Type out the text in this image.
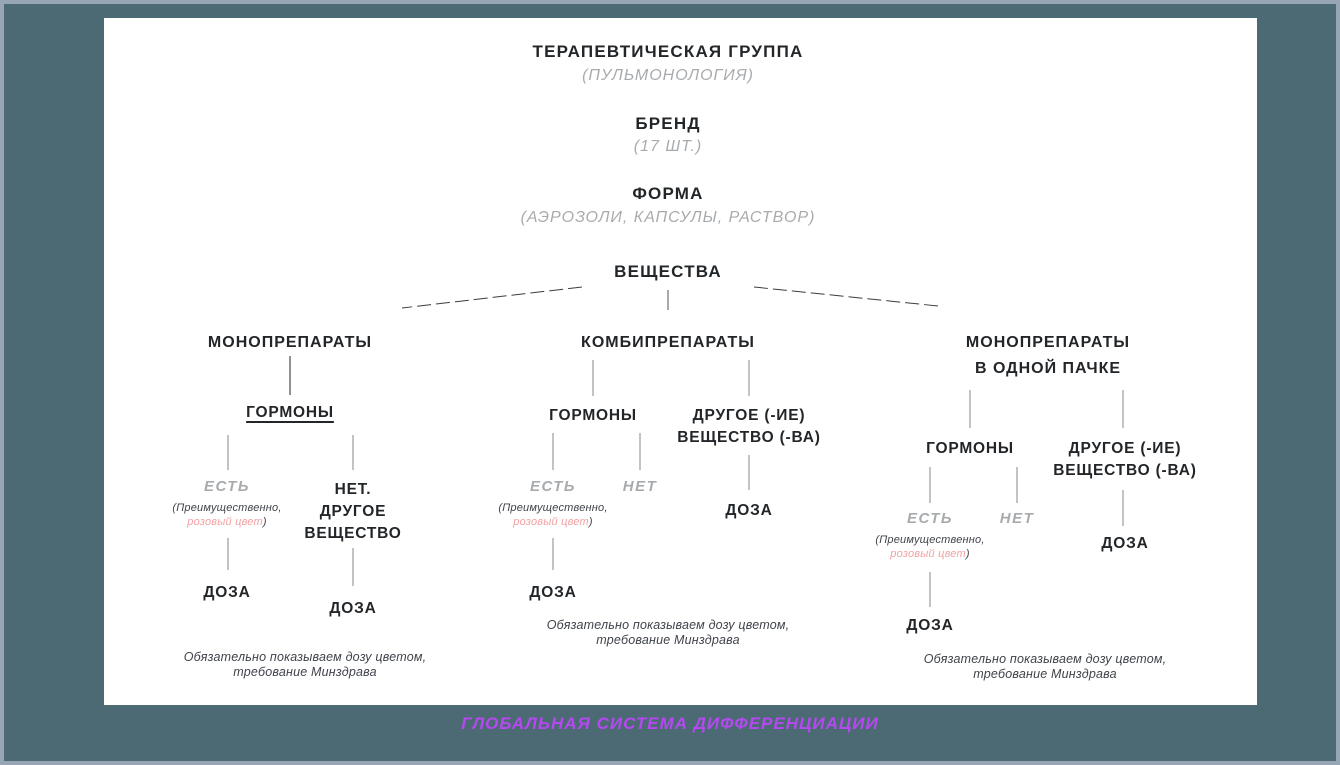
ТЕРАПЕВТИЧЕСКАЯ ГРУППА
(ПУЛЬМОНОЛОГИЯ)
БРЕНД
(17 ШТ.)
ФОРМА
(АЭРОЗОЛИ, КАПСУЛЫ, РАСТВОР)
ВЕЩЕСТВА
МОНОПРЕПАРАТЫ
ГОРМОНЫ
ЕСТЬ
(Преимущественно,
розовый цвет)
НЕТ.
ДРУГОЕ
ВЕЩЕСТВО
ДОЗА
ДОЗА
Обязательно показываем дозу цветом,
требование Минздрава
КОМБИПРЕПАРАТЫ
ГОРМОНЫ	ДРУГОЕ (-ИЕ)
ВЕЩЕСТВО (-ВА)
ЕСТЬ	НЕТ
(Преимущественно,
розовый цвет)
ДОЗА
ДОЗА
Обязательно показываем дозу цветом,
требование Минздрава
МОНОПРЕПАРАТЫ
В ОДНОЙ ПАЧКЕ
ГОРМОНЫ	ДРУГОЕ (-ИЕ)
ВЕЩЕСТВО (-ВА)
ЕСТЬ	НЕТ
(Преимущественно,
розовый цвет)
ДОЗА
ДОЗА
Обязательно показываем дозу цветом,
требование Минздрава
ГЛОБАЛЬНАЯ СИСТЕМА ДИФФЕРЕНЦИАЦИИ
